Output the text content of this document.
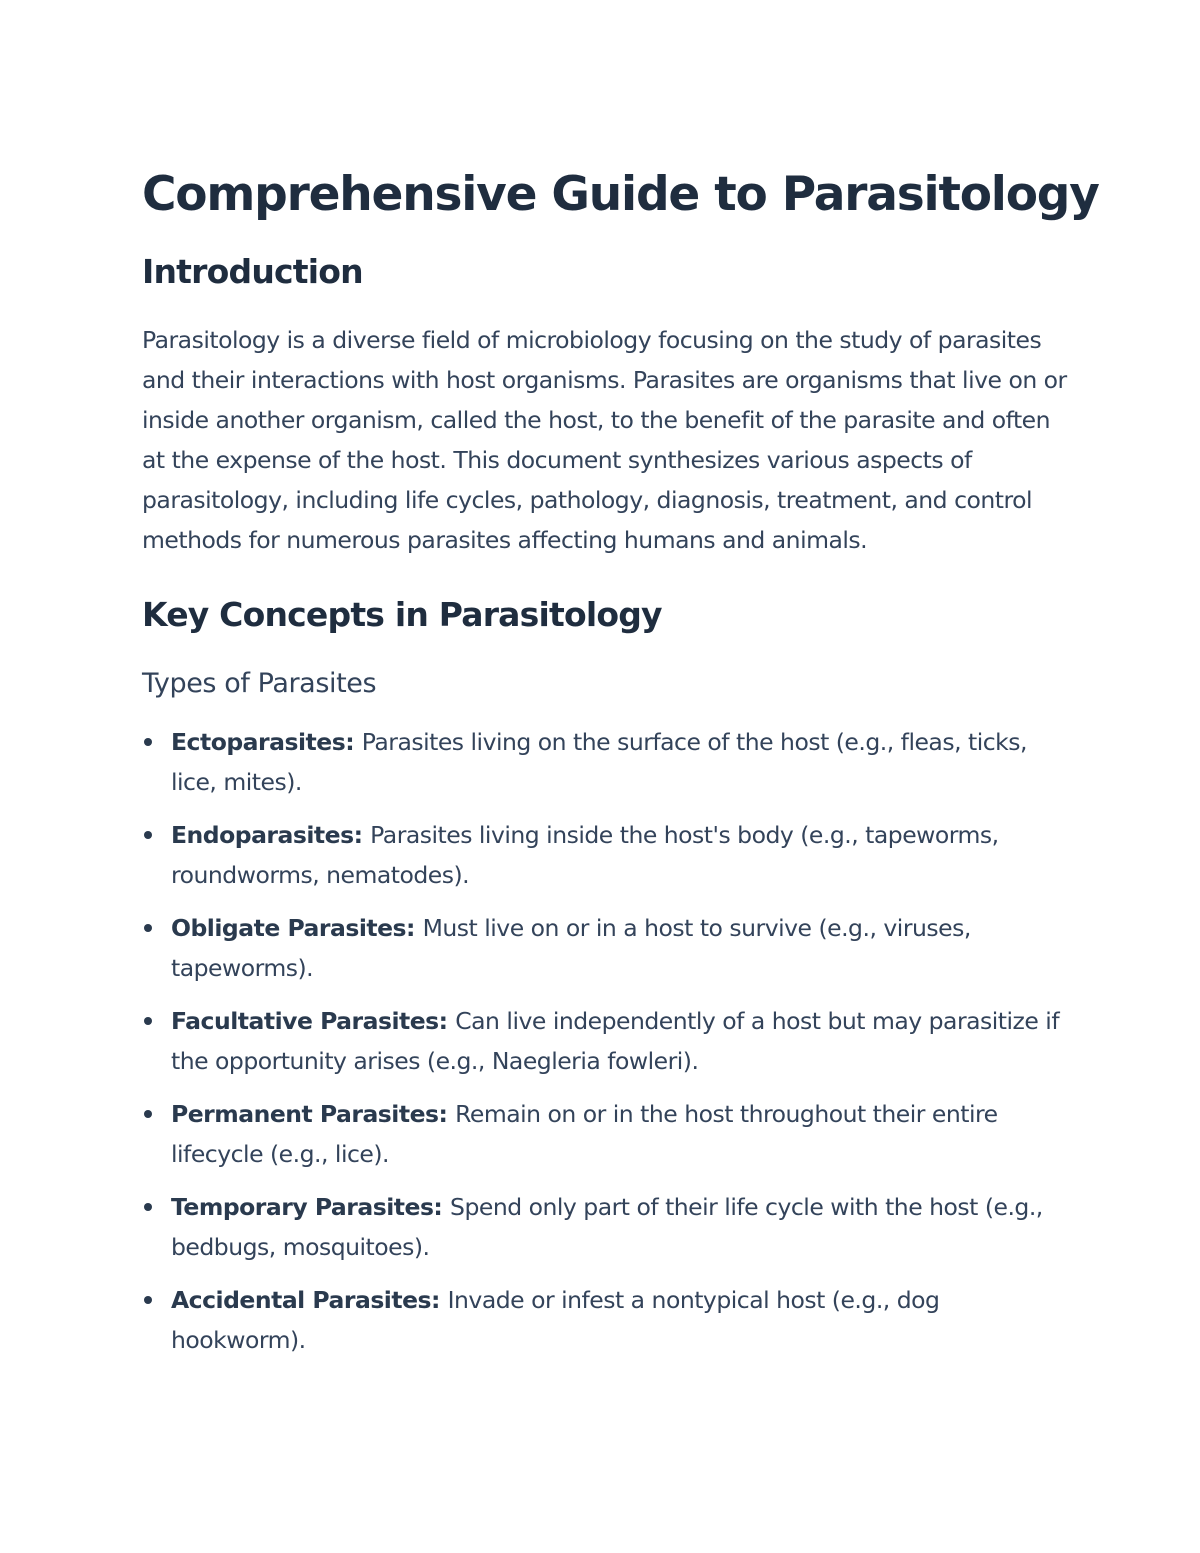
Comprehensive Guide to Parasitology
Introduction

Parasitology is a diverse field of microbiology focusing on the study of parasites and their interactions with host organisms. Parasites are organisms that live on or inside another organism, called the host, to the benefit of the parasite and often at the expense of the host. This document synthesizes various aspects of parasitology, including life cycles, pathology, diagnosis, treatment, and control methods for numerous parasites affecting humans and animals.

Key Concepts in Parasitology
Types of Parasites
Ectoparasites: Parasites living on the surface of the host (e.g., fleas, ticks, lice, mites).
Endoparasites: Parasites living inside the host's body (e.g., tapeworms, roundworms, nematodes).
Obligate Parasites: Must live on or in a host to survive (e.g., viruses, tapeworms).
Facultative Parasites: Can live independently of a host but may parasitize if the opportunity arises (e.g., Naegleria fowleri).
Permanent Parasites: Remain on or in the host throughout their entire lifecycle (e.g., lice).
Temporary Parasites: Spend only part of their life cycle with the host (e.g., bedbugs, mosquitoes).
Accidental Parasites: Invade or infest a nontypical host (e.g., dog hookworm).
